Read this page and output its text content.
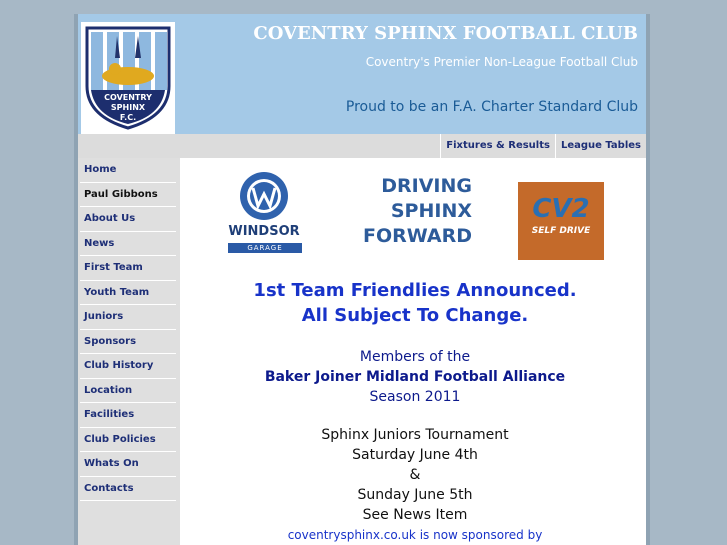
COVENTRY
SPHINX
F.C.
COVENTRY SPHINX FOOTBALL CLUB
Coventry's Premier Non-League Football Club
Proud to be an F.A. Charter Standard Club
Fixtures & Results	League Tables
Home
Paul Gibbons
About Us
News
First Team
Youth Team
Juniors
Sponsors
Club History
Location
Facilities
Club Policies
Whats On
Contacts
WINDSOR
GARAGE
DRIVING
SPHINX
FORWARD
CV2
SELF DRIVE
1st Team Friendlies Announced.
All Subject To Change.
Members of the
Baker Joiner Midland Football Alliance
Season 2011
Sphinx Juniors Tournament
Saturday June 4th
&
Sunday June 5th
See News Item
coventrysphinx.co.uk is now sponsored by
